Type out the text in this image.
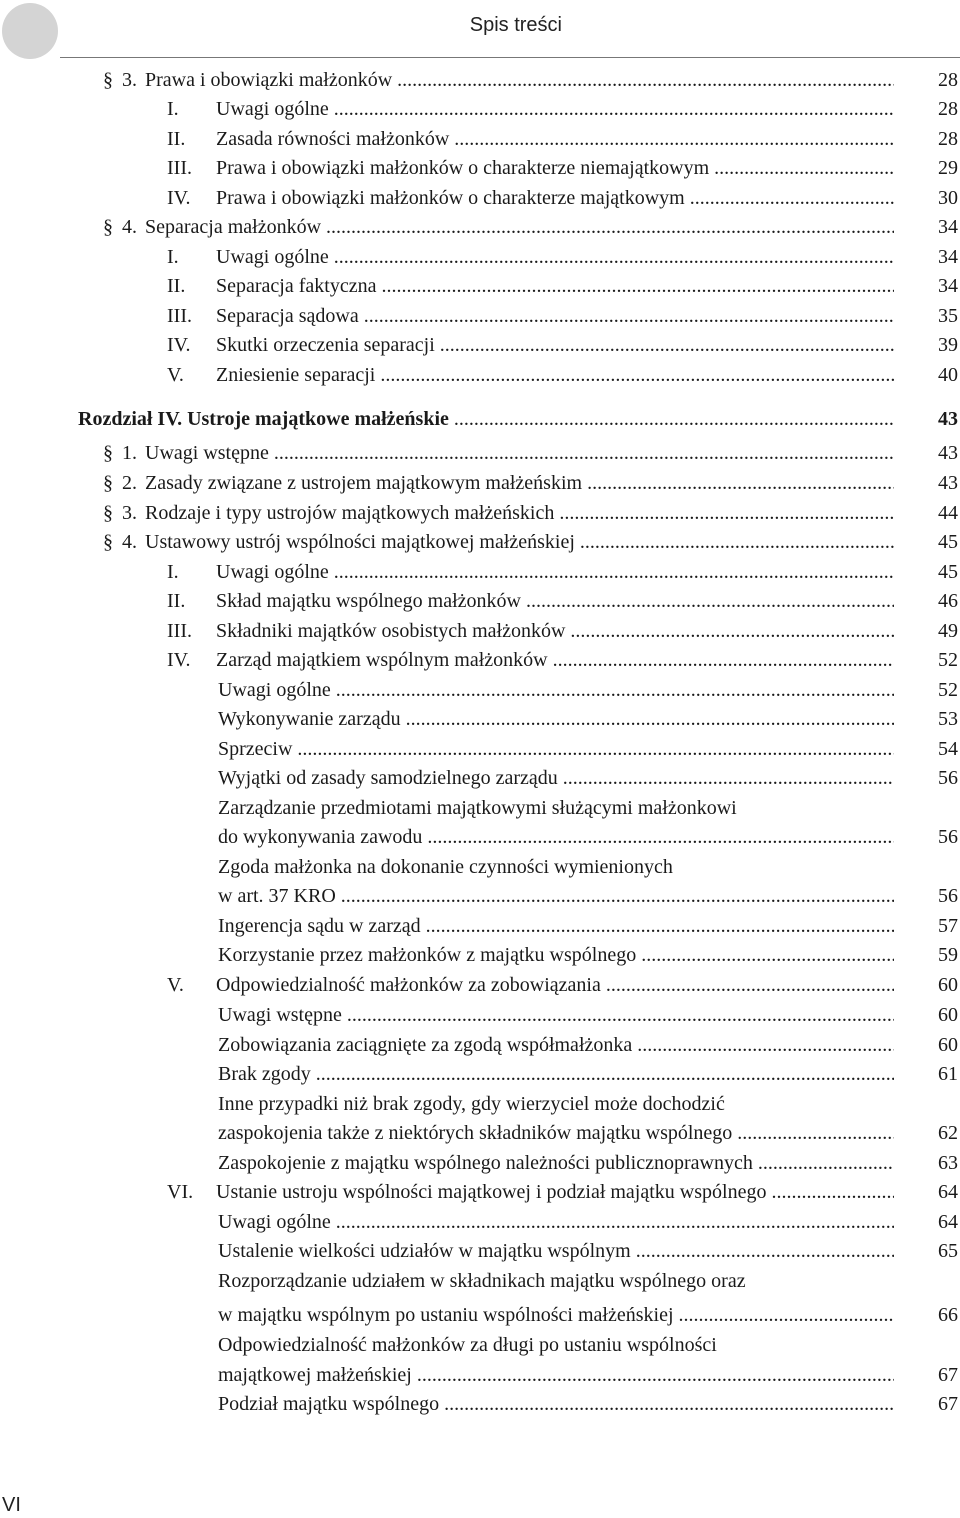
Spis treści
§ 3. Prawa i obowiązki małżonków .....	28
I. Uwagi ogólne .....	28
II. Zasada równości małżonków .....	28
III. Prawa i obowiązki małżonków o charakterze niemajątkowym .....	29
IV. Prawa i obowiązki małżonków o charakterze majątkowym .....	30
§ 4. Separacja małżonków .....	34
I. Uwagi ogólne .....	34
II. Separacja faktyczna .....	34
III. Separacja sądowa .....	35
IV. Skutki orzeczenia separacji .....	39
V. Zniesienie separacji .....	40
Rozdział IV. Ustroje majątkowe małżeńskie .....	43
§ 1. Uwagi wstępne .....	43
§ 2. Zasady związane z ustrojem majątkowym małżeńskim .....	43
§ 3. Rodzaje i typy ustrojów majątkowych małżeńskich .....	44
§ 4. Ustawowy ustrój wspólności majątkowej małżeńskiej .....	45
I. Uwagi ogólne .....	45
II. Skład majątku wspólnego małżonków .....	46
III. Składniki majątków osobistych małżonków .....	49
IV. Zarząd majątkiem wspólnym małżonków .....	52
Uwagi ogólne .....	52
Wykonywanie zarządu .....	53
Sprzeciw .....	54
Wyjątki od zasady samodzielnego zarządu .....	56
Zarządzanie przedmiotami majątkowymi służącymi małżonkowi
do wykonywania zawodu .....	56
Zgoda małżonka na dokonanie czynności wymienionych
w art. 37 KRO .....	56
Ingerencja sądu w zarząd .....	57
Korzystanie przez małżonków z majątku wspólnego .....	59
V. Odpowiedzialność małżonków za zobowiązania .....	60
Uwagi wstępne .....	60
Zobowiązania zaciągnięte za zgodą współmałżonka .....	60
Brak zgody .....	61
Inne przypadki niż brak zgody, gdy wierzyciel może dochodzić
zaspokojenia także z niektórych składników majątku wspólnego .....	62
Zaspokojenie z majątku wspólnego należności publicznoprawnych .....	63
VI. Ustanie ustroju wspólności majątkowej i podział majątku wspólnego .....	64
Uwagi ogólne .....	64
Ustalenie wielkości udziałów w majątku wspólnym .....	65
Rozporządzanie udziałem w składnikach majątku wspólnego oraz
w majątku wspólnym po ustaniu wspólności małżeńskiej .....	66
Odpowiedzialność małżonków za długi po ustaniu wspólności
majątkowej małżeńskiej .....	67
Podział majątku wspólnego .....	67
VI
